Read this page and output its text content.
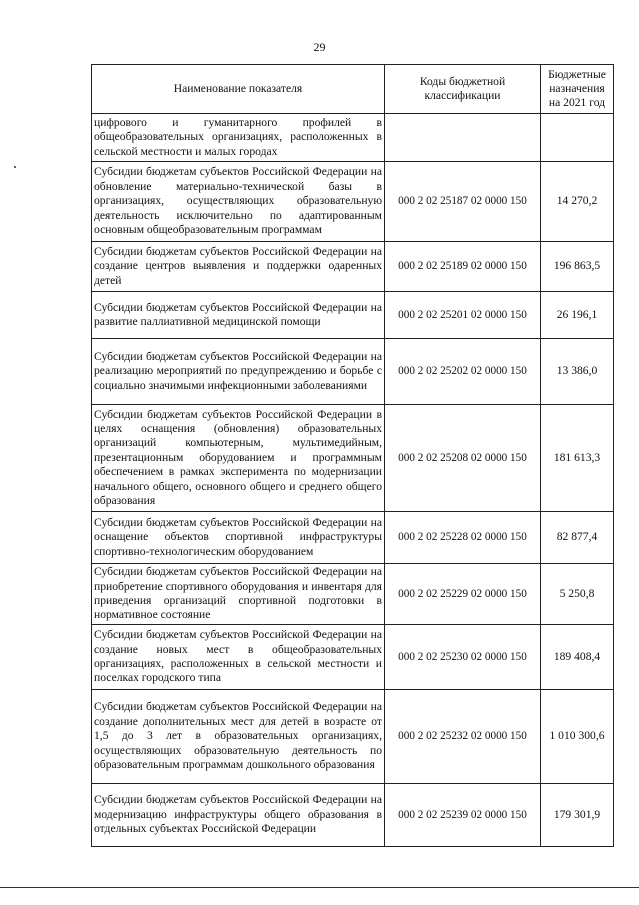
29
Наименование показателя	Коды бюджетной классификации	Бюджетные назначения на 2021 год
цифрового и гуманитарного профилей в общеобразовательных организациях, расположенных в сельской местности и малых городах		
Субсидии бюджетам субъектов Российской Федерации на обновление материально-технической базы в организациях, осуществляющих образовательную деятельность исключительно по адаптированным основным общеобразовательным программам	000 2 02 25187 02 0000 150	14 270,2
Субсидии бюджетам субъектов Российской Федерации на создание центров выявления и поддержки одаренных детей	000 2 02 25189 02 0000 150	196 863,5
Субсидии бюджетам субъектов Российской Федерации на развитие паллиативной медицинской помощи	000 2 02 25201 02 0000 150	26 196,1
Субсидии бюджетам субъектов Российской Федерации на реализацию мероприятий по предупреждению и борьбе с социально значимыми инфекционными заболеваниями	000 2 02 25202 02 0000 150	13 386,0
Субсидии бюджетам субъектов Российской Федерации в целях оснащения (обновления) образовательных организаций компьютерным, мультимедийным, презентационным оборудованием и программным обеспечением в рамках эксперимента по модернизации начального общего, основного общего и среднего общего образования	000 2 02 25208 02 0000 150	181 613,3
Субсидии бюджетам субъектов Российской Федерации на оснащение объектов спортивной инфраструктуры спортивно-технологическим оборудованием	000 2 02 25228 02 0000 150	82 877,4
Субсидии бюджетам субъектов Российской Федерации на приобретение спортивного оборудования и инвентаря для приведения организаций спортивной подготовки в нормативное состояние	000 2 02 25229 02 0000 150	5 250,8
Субсидии бюджетам субъектов Российской Федерации на создание новых мест в общеобразовательных организациях, расположенных в сельской местности и поселках городского типа	000 2 02 25230 02 0000 150	189 408,4
Субсидии бюджетам субъектов Российской Федерации на создание дополнительных мест для детей в возрасте от 1,5 до 3 лет в образовательных организациях, осуществляющих образовательную деятельность по образовательным программам дошкольного образования	000 2 02 25232 02 0000 150	1 010 300,6
Субсидии бюджетам субъектов Российской Федерации на модернизацию инфраструктуры общего образования в отдельных субъектах Российской Федерации	000 2 02 25239 02 0000 150	179 301,9
